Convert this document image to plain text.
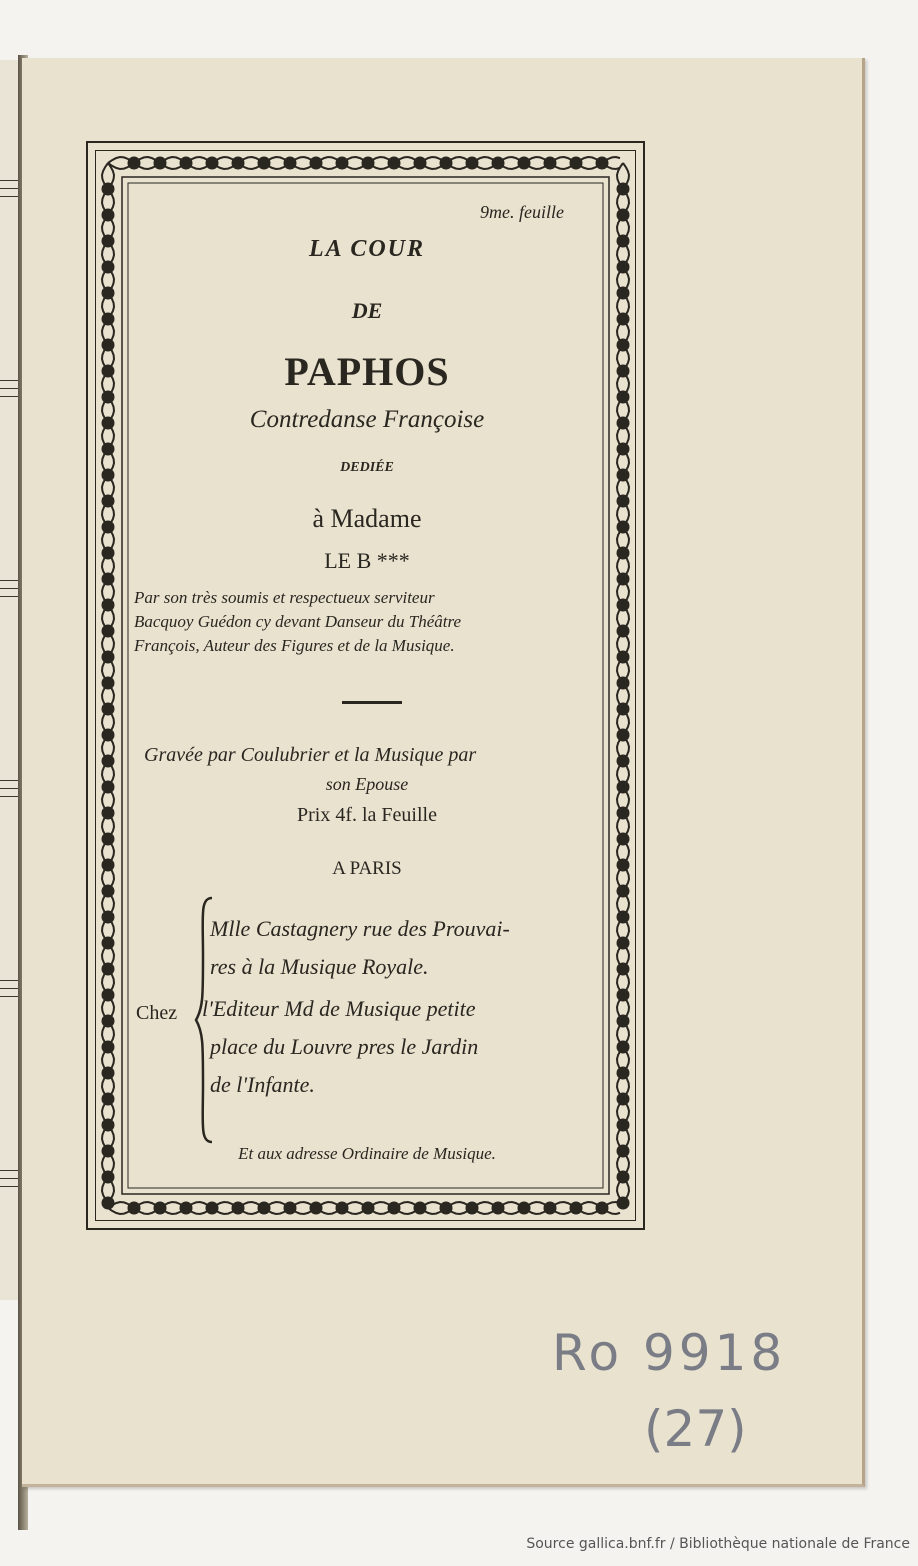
9me. feuille
LA COUR
DE
PAPHOS
Contredanse Françoise
DEDIÉE
à Madame
LE B ***
Par son très soumis et respectueux serviteur
Bacquoy Guédon cy devant Danseur du Théâtre
François, Auteur des Figures et de la Musique.
Gravée par Coulubrier et la Musique par
son Epouse
Prix 4f. la Feuille
A PARIS
Chez
Mlle Castagnery rue des Prouvai-
res à la Musique Royale.
l'Editeur Md de Musique petite
place du Louvre pres le Jardin
de l'Infante.
Et aux adresse Ordinaire de Musique.
Ro 9918
(27)
Source gallica.bnf.fr / Bibliothèque nationale de France
